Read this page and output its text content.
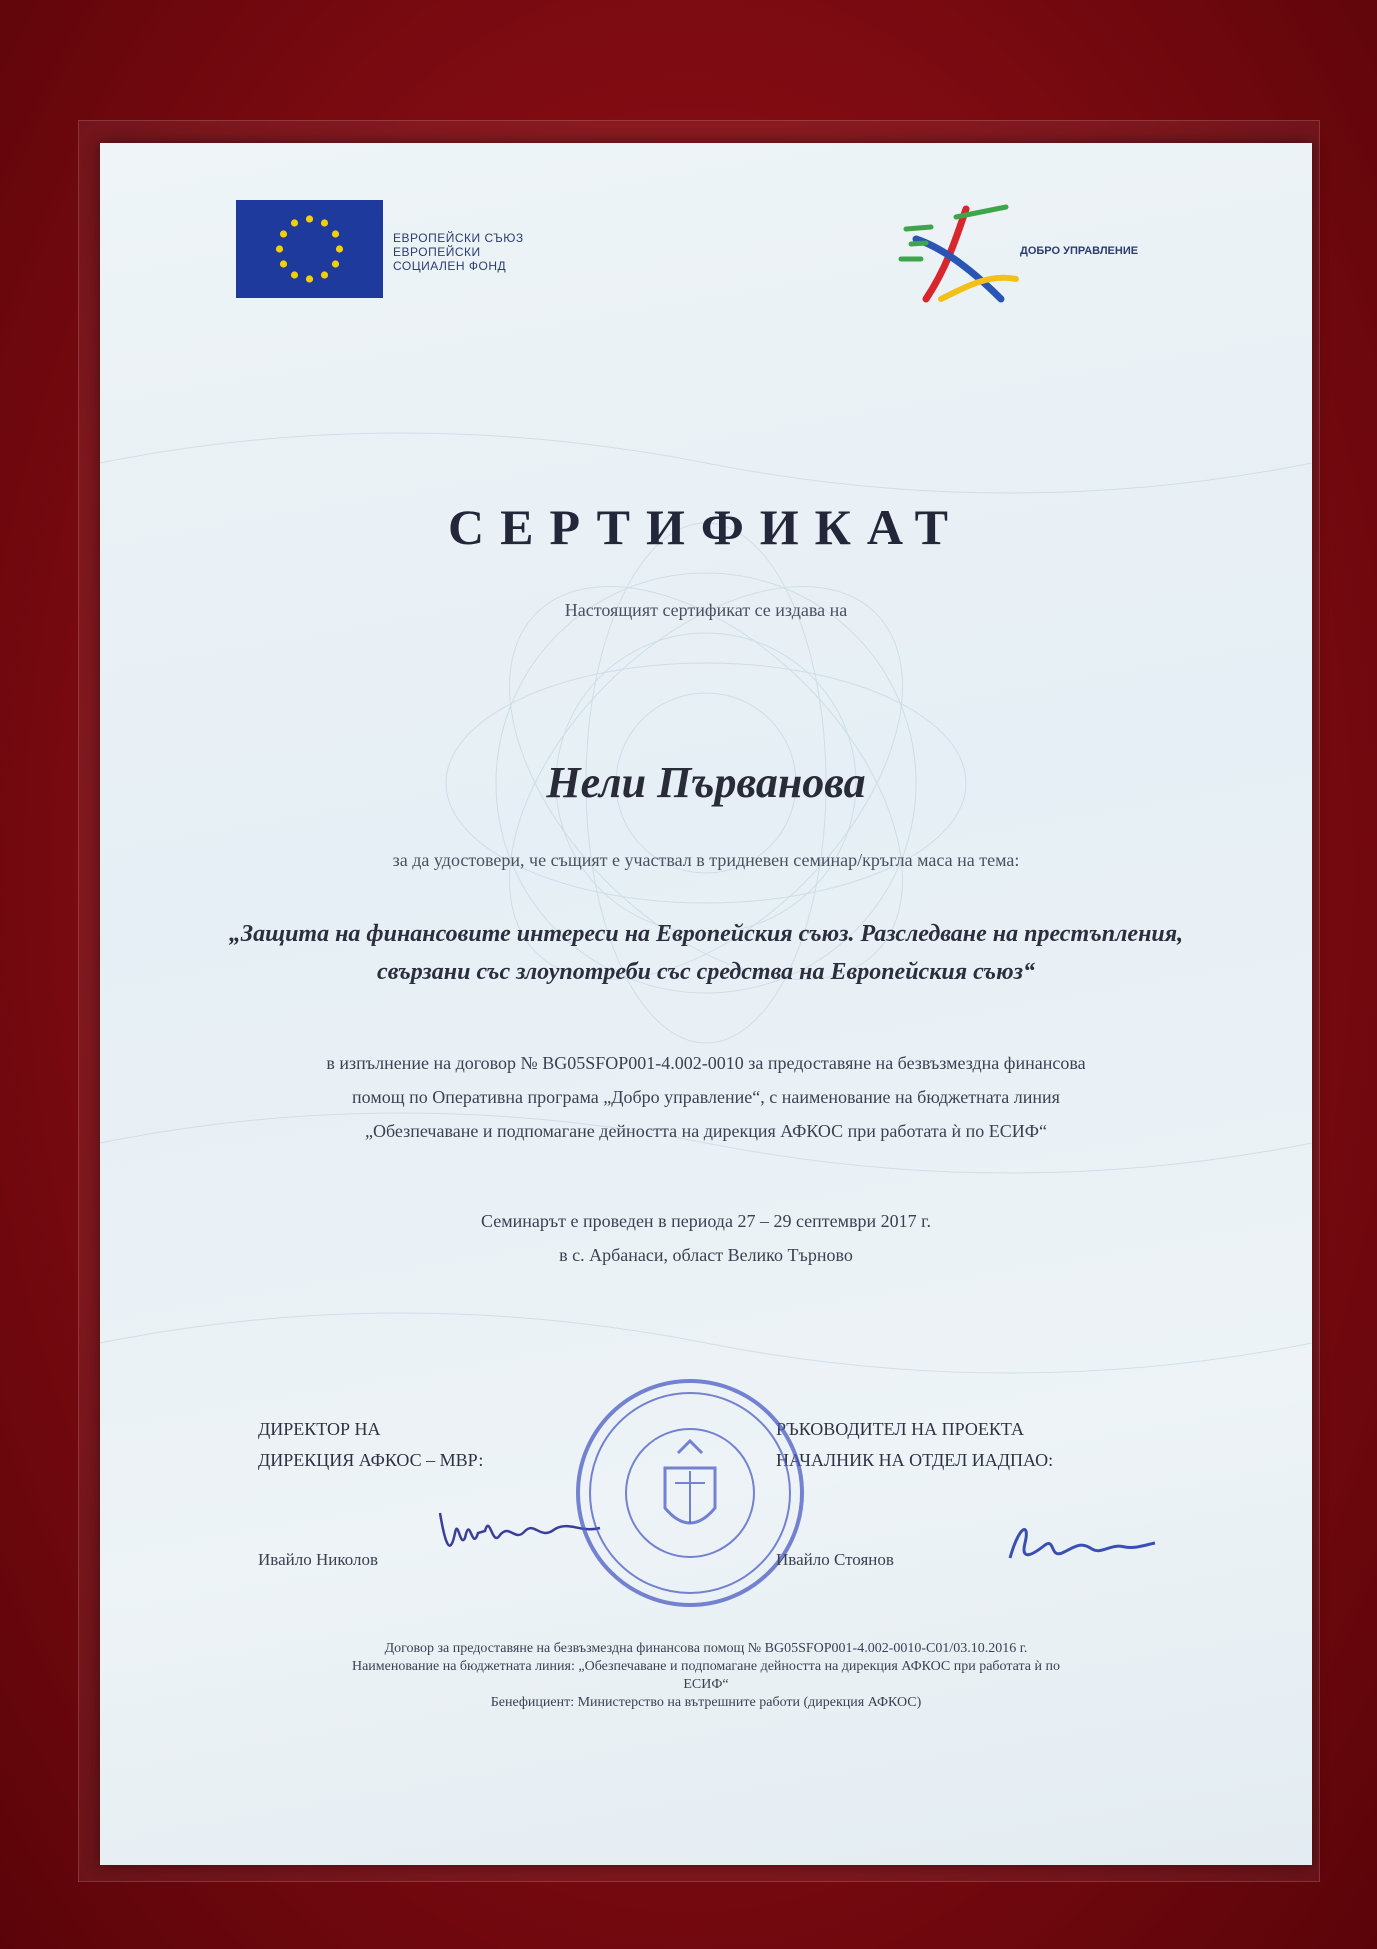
ЕВРОПЕЙСКИ СЪЮЗ
ЕВРОПЕЙСКИ
СОЦИАЛЕН ФОНД
ДОБРО УПРАВЛЕНИЕ
СЕРТИФИКАТ
Настоящият сертификат се издава на
Нели Първанова
за да удостовери, че същият е участвал в тридневен семинар/кръгла маса на тема:
„Защита на финансовите интереси на Европейския съюз. Разследване на престъпления, свързани със злоупотреби със средства на Европейския съюз“
в изпълнение на договор № BG05SFOP001-4.002-0010 за предоставяне на безвъзмездна финансова
помощ по Оперативна програма „Добро управление“, с наименование на бюджетната линия
„Обезпечаване и подпомагане дейността на дирекция АФКОС при работата ѝ по ЕСИФ“
Семинарът е проведен в периода 27 – 29 септември 2017 г.
в с. Арбанаси, област Велико Търново
ДИРЕКТОР НА
ДИРЕКЦИЯ АФКОС – МВР:
РЪКОВОДИТЕЛ НА ПРОЕКТА
НАЧАЛНИК НА ОТДЕЛ ИАДПАО:
Ивайло Николов	Ивайло Стоянов
Договор за предоставяне на безвъзмездна финансова помощ № BG05SFOP001-4.002-0010-C01/03.10.2016 г.
Наименование на бюджетната линия: „Обезпечаване и подпомагане дейността на дирекция АФКОС при работата ѝ по
ЕСИФ“
Бенефициент: Министерство на вътрешните работи (дирекция АФКОС)
